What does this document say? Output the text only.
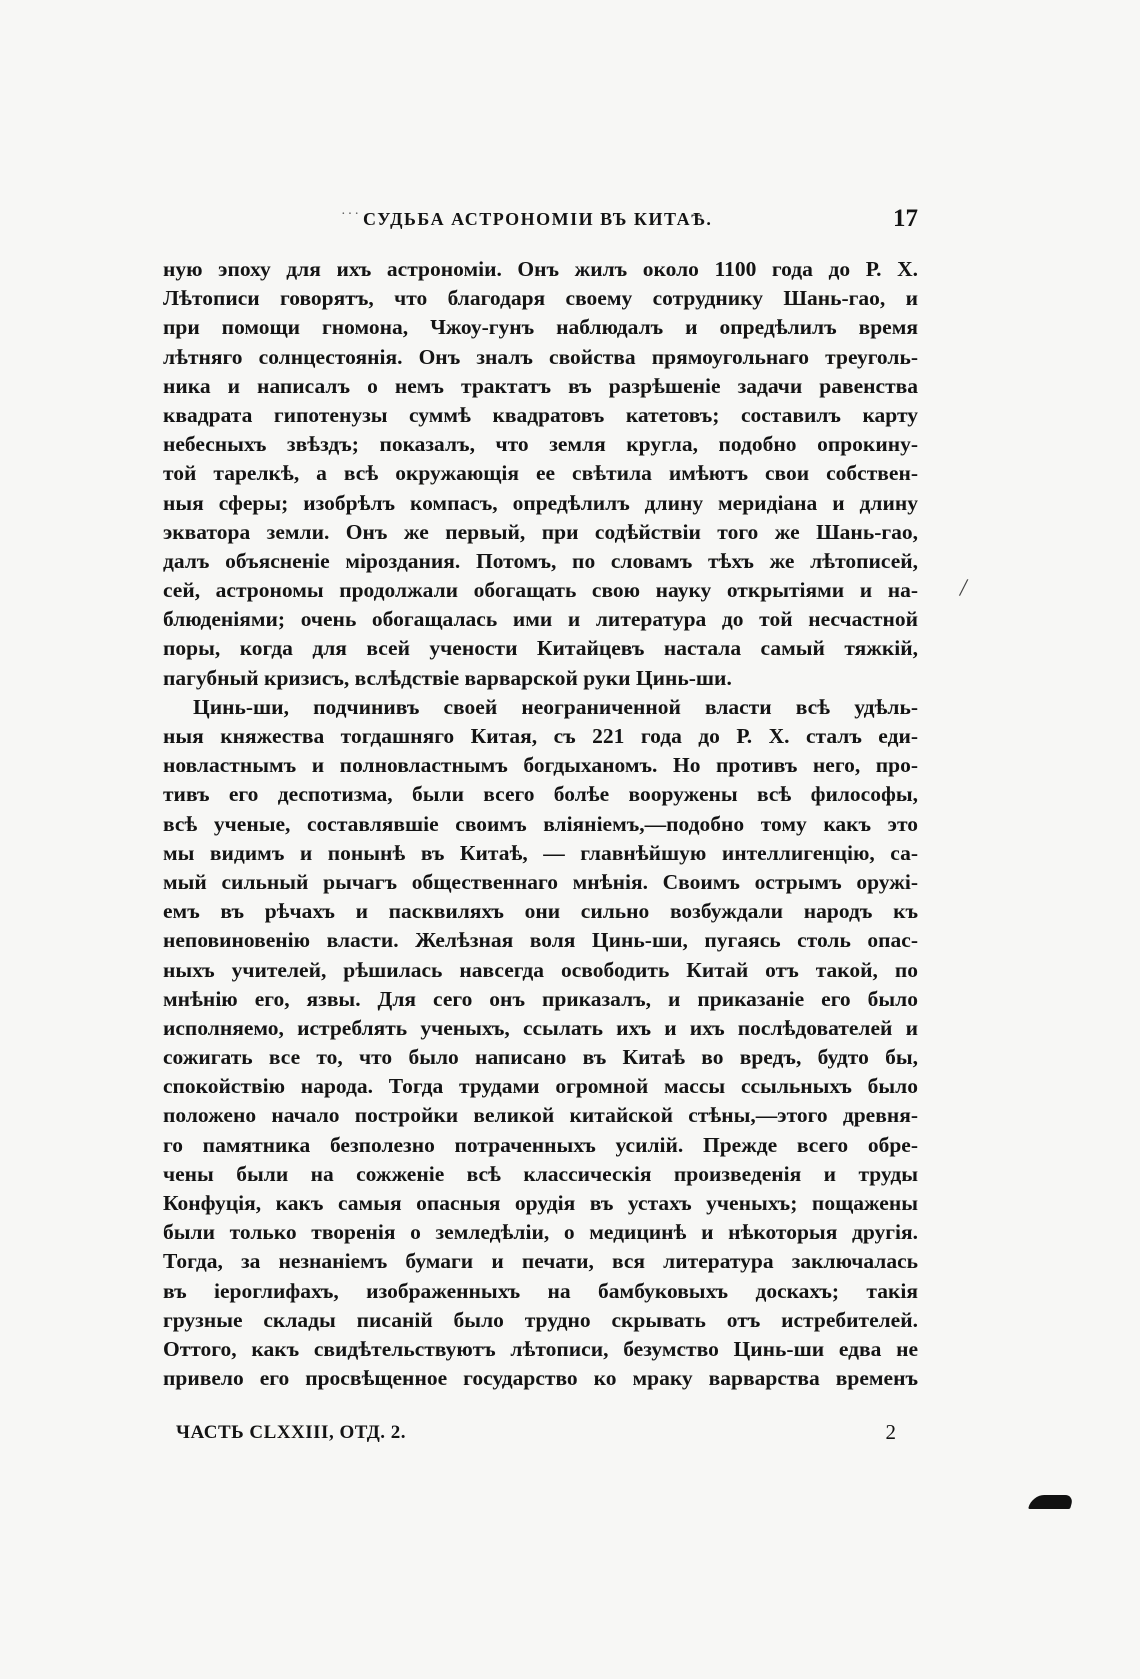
··· СУДЬБА АСТРОНОМІИ ВЪ КИТАѢ.	17
ную эпоху для ихъ астрономіи. Онъ жилъ около 1100 года до Р. Х.
Лѣтописи говорятъ, что благодаря своему сотруднику Шань-гао, и
при помощи гномона, Чжоу-гунъ наблюдалъ и опредѣлилъ время
лѣтняго солнцестоянія. Онъ зналъ свойства прямоугольнаго треуголь-
ника и написалъ о немъ трактатъ въ разрѣшеніе задачи равенства
квадрата гипотенузы суммѣ квадратовъ катетовъ; составилъ карту
небесныхъ звѣздъ; показалъ, что земля кругла, подобно опрокину-
той тарелкѣ, а всѣ окружающія ее свѣтила имѣютъ свои собствен-
ныя сферы; изобрѣлъ компасъ, опредѣлилъ длину меридіана и длину
экватора земли. Онъ же первый, при содѣйствіи того же Шань-гао,
далъ объясненіе міроздания. Потомъ, по словамъ тѣхъ же лѣтописей,
сей, астрономы продолжали обогащать свою науку открытіями и на-
блюденіями; очень обогащалась ими и литература до той несчастной
поры, когда для всей учености Китайцевъ настала самый тяжкій,
пагубный кризисъ, вслѣдствіе варварской руки Цинь-ши.
Цинь-ши, подчинивъ своей неограниченной власти всѣ удѣль-
ныя княжества тогдашняго Китая, съ 221 года до Р. Х. сталъ еди-
новластнымъ и полновластнымъ богдыханомъ. Но противъ него, про-
тивъ его деспотизма, были всего болѣе вооружены всѣ философы,
всѣ ученые, составлявшіе своимъ вліяніемъ,—подобно тому какъ это
мы видимъ и понынѣ въ Китаѣ, — главнѣйшую интеллигенцію, са-
мый сильный рычагъ общественнаго мнѣнія. Своимъ острымъ оружі-
емъ въ рѣчахъ и пасквиляхъ они сильно возбуждали народъ къ
неповиновенію власти. Желѣзная воля Цинь-ши, пугаясь столь опас-
ныхъ учителей, рѣшилась навсегда освободить Китай отъ такой, по
мнѣнію его, язвы. Для сего онъ приказалъ, и приказаніе его было
исполняемо, истреблять ученыхъ, ссылать ихъ и ихъ послѣдователей и
сожигать все то, что было написано въ Китаѣ во вредъ, будто бы,
спокойствію народа. Тогда трудами огромной массы ссыльныхъ было
положено начало постройки великой китайской стѣны,—этого древня-
го памятника безполезно потраченныхъ усилій. Прежде всего обре-
чены были на сожженіе всѣ классическія произведенія и труды
Конфуція, какъ самыя опасныя орудія въ устахъ ученыхъ; пощажены
были только творенія о земледѣліи, о медицинѣ и нѣкоторыя другія.
Тогда, за незнаніемъ бумаги и печати, вся литература заключалась
въ іероглифахъ, изображенныхъ на бамбуковыхъ доскахъ; такія
грузные склады писаній было трудно скрывать отъ истребителей.
Оттого, какъ свидѣтельствуютъ лѣтописи, безумство Цинь-ши едва не
привело его просвѣщенное государство ко мраку варварства временъ
ЧАСТЬ CLXXIII, ОТД. 2.	2
/
